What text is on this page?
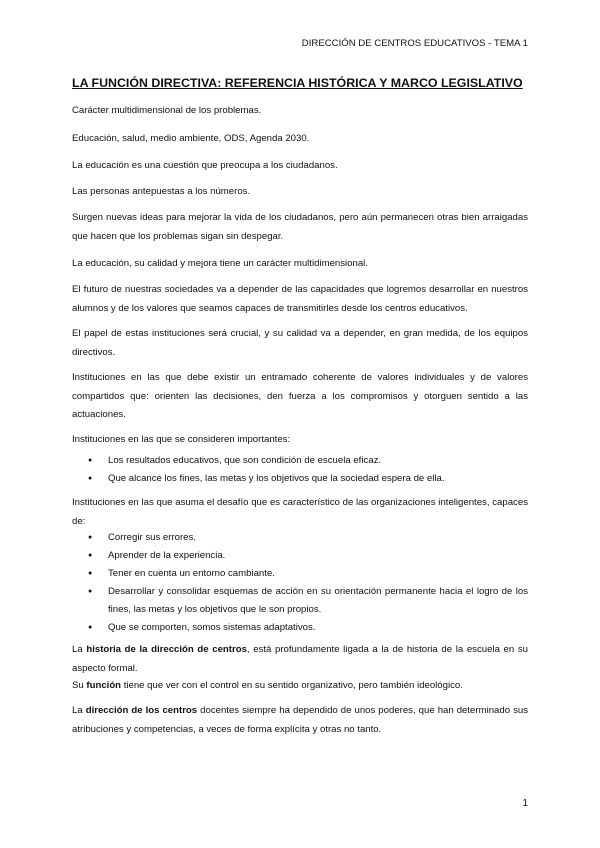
DIRECCIÓN DE CENTROS EDUCATIVOS - TEMA 1
LA FUNCIÓN DIRECTIVA: REFERENCIA HISTÓRICA Y MARCO LEGISLATIVO
Carácter multidimensional de los problemas.
Educación, salud, medio ambiente, ODS, Agenda 2030.
La educación es una cuestión que preocupa a los ciudadanos.
Las personas antepuestas a los números.
Surgen nuevas ideas para mejorar la vida de los ciudadanos, pero aún permanecen otras bien arraigadas que hacen que los problemas sigan sin despegar.
La educación, su calidad y mejora tiene un carácter multidimensional.
El futuro de nuestras sociedades va a depender de las capacidades que logremos desarrollar en nuestros alumnos y de los valores que seamos capaces de transmitirles desde los centros educativos.
El papel de estas instituciones será crucial, y su calidad va a depender, en gran medida, de los equipos directivos.
Instituciones en las que debe existir un entramado coherente de valores individuales y de valores compartidos que: orienten las decisiones, den fuerza a los compromisos y otorguen sentido a las actuaciones.
Instituciones en las que se consideren importantes:
● Los resultados educativos, que son condición de escuela eficaz.
● Que alcance los fines, las metas y los objetivos que la sociedad espera de ella.
Instituciones en las que asuma el desafío que es característico de las organizaciones inteligentes, capaces de:
● Corregir sus errores.
● Aprender de la experiencia.
● Tener en cuenta un entorno cambiante.
● Desarrollar y consolidar esquemas de acción en su orientación permanente hacia el logro de los fines, las metas y los objetivos que le son propios.
● Que se comporten, somos sistemas adaptativos.
La historia de la dirección de centros, está profundamente ligada a la de historia de la escuela en su aspecto formal.
Su función tiene que ver con el control en su sentido organizativo, pero también ideológico.
La dirección de los centros docentes siempre ha dependido de unos poderes, que han determinado sus atribuciones y competencias, a veces de forma explícita y otras no tanto.
1
